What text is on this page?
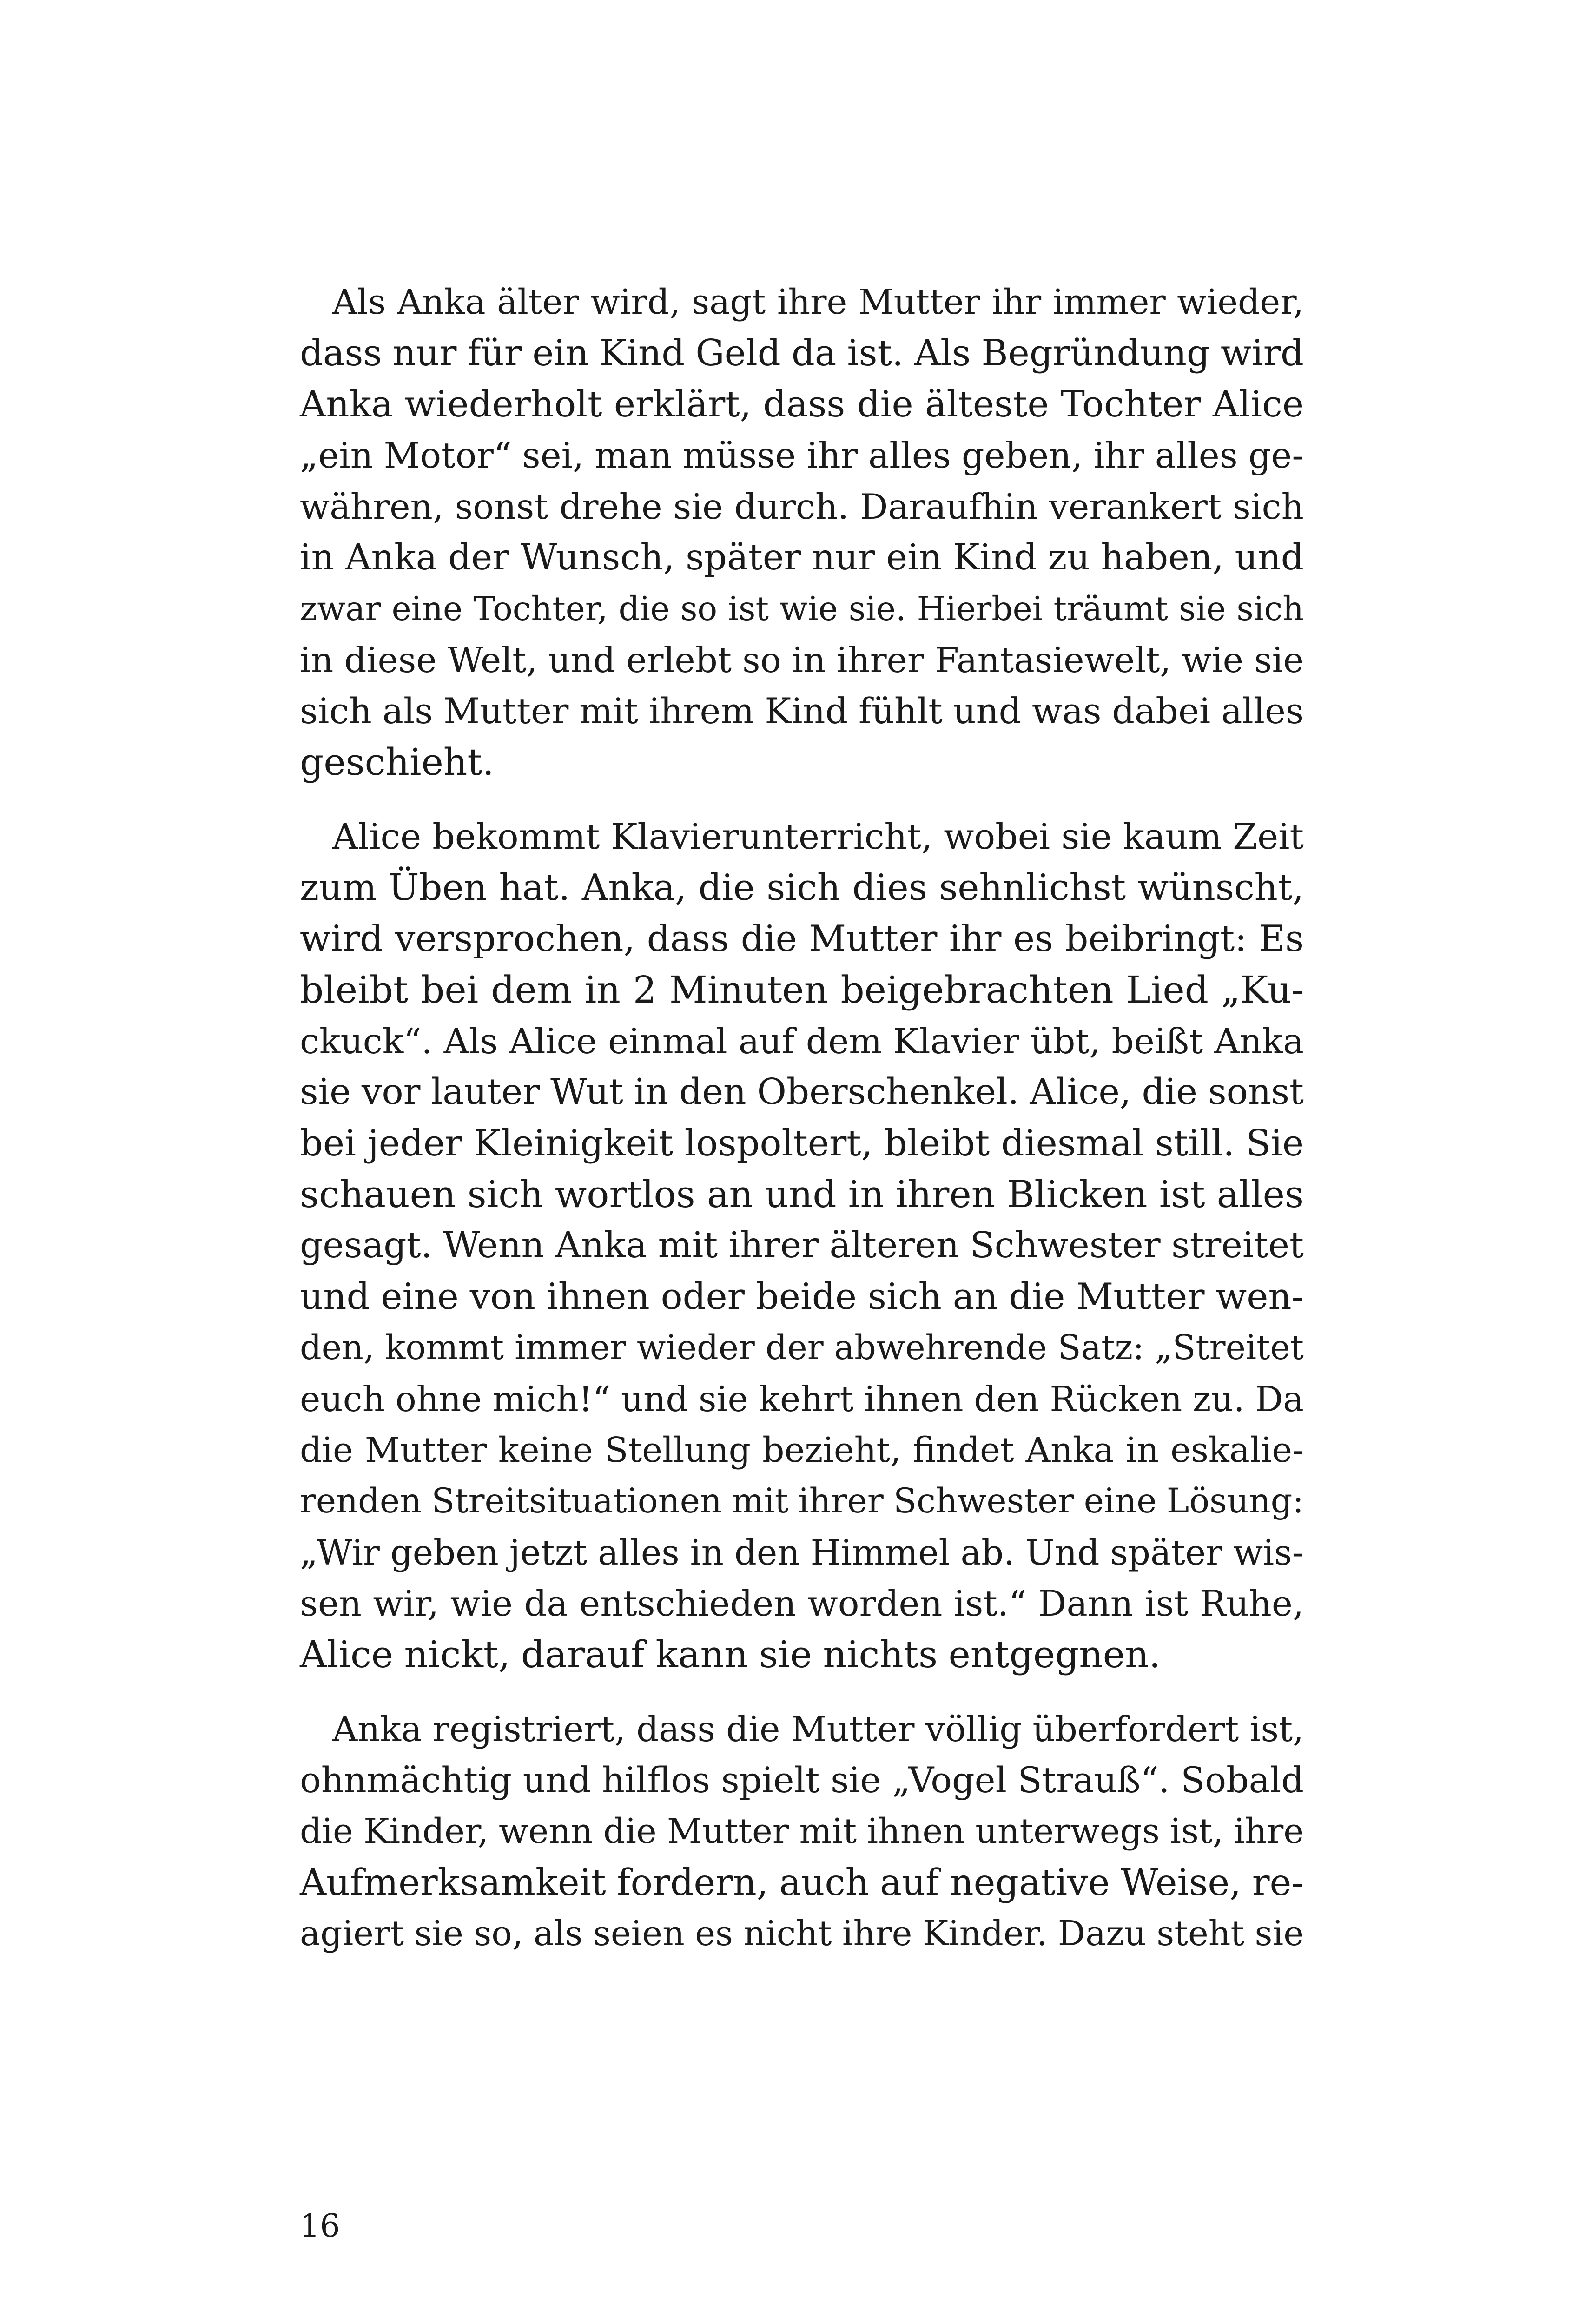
Als Anka älter wird, sagt ihre Mutter ihr immer wieder,
dass nur für ein Kind Geld da ist. Als Begründung wird
Anka wiederholt erklärt, dass die älteste Tochter Alice
„ein Motor“ sei, man müsse ihr alles geben, ihr alles ge-
währen, sonst drehe sie durch. Daraufhin verankert sich
in Anka der Wunsch, später nur ein Kind zu haben, und
zwar eine Tochter, die so ist wie sie. Hierbei träumt sie sich
in diese Welt, und erlebt so in ihrer Fantasiewelt, wie sie
sich als Mutter mit ihrem Kind fühlt und was dabei alles
geschieht.
Alice bekommt Klavierunterricht, wobei sie kaum Zeit
zum Üben hat. Anka, die sich dies sehnlichst wünscht,
wird versprochen, dass die Mutter ihr es beibringt: Es
bleibt bei dem in 2 Minuten beigebrachten Lied „Ku-
ckuck“. Als Alice einmal auf dem Klavier übt, beißt Anka
sie vor lauter Wut in den Oberschenkel. Alice, die sonst
bei jeder Kleinigkeit lospoltert, bleibt diesmal still. Sie
schauen sich wortlos an und in ihren Blicken ist alles
gesagt. Wenn Anka mit ihrer älteren Schwester streitet
und eine von ihnen oder beide sich an die Mutter wen-
den, kommt immer wieder der abwehrende Satz: „Streitet
euch ohne mich!“ und sie kehrt ihnen den Rücken zu. Da
die Mutter keine Stellung bezieht, findet Anka in eskalie-
renden Streitsituationen mit ihrer Schwester eine Lösung:
„Wir geben jetzt alles in den Himmel ab. Und später wis-
sen wir, wie da entschieden worden ist.“ Dann ist Ruhe,
Alice nickt, darauf kann sie nichts entgegnen.
Anka registriert, dass die Mutter völlig überfordert ist,
ohnmächtig und hilflos spielt sie „Vogel Strauß“. Sobald
die Kinder, wenn die Mutter mit ihnen unterwegs ist, ihre
Aufmerksamkeit fordern, auch auf negative Weise, re-
agiert sie so, als seien es nicht ihre Kinder. Dazu steht sie
16
